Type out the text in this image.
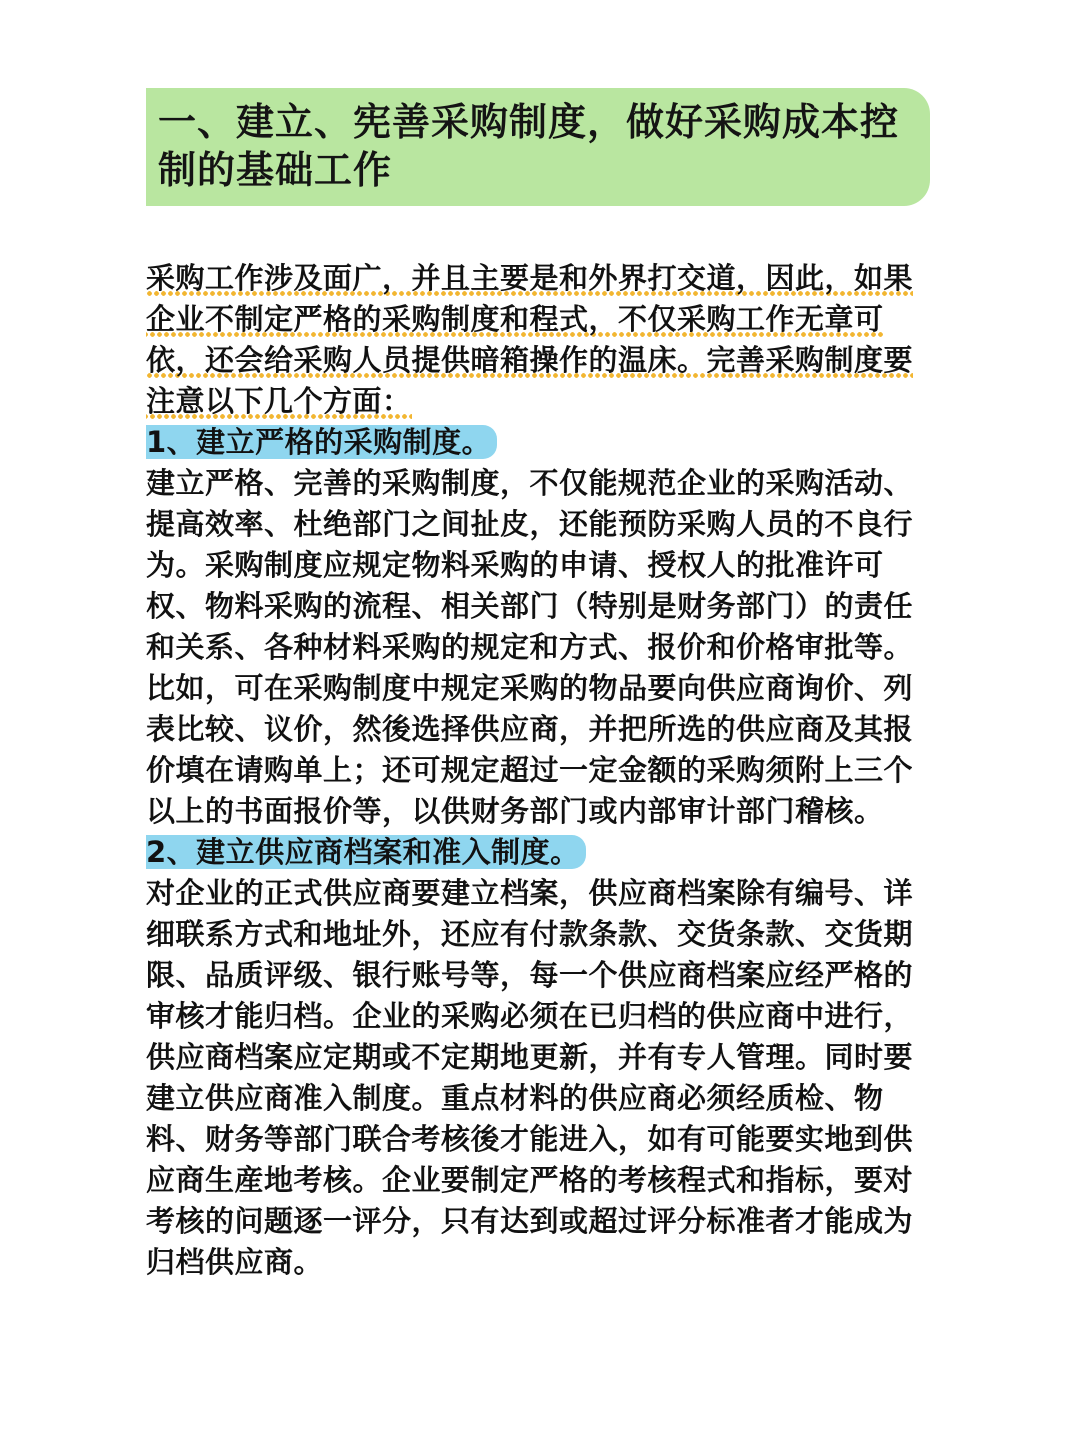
一、建立、宪善采购制度，做好采购成本控制的基础工作

采购工作涉及面广，并且主要是和外界打交道，因此，如果企业不制定严格的采购制度和程式，不仅采购工作无章可依，还会给采购人员提供暗箱操作的温床。完善采购制度要注意以下几个方面：

1、建立严格的采购制度。

建立严格、完善的采购制度，不仅能规范企业的采购活动、提高效率、杜绝部门之间扯皮，还能预防采购人员的不良行为。采购制度应规定物料采购的申请、授权人的批准许可权、物料采购的流程、相关部门（特别是财务部门）的责任和关系、各种材料采购的规定和方式、报价和价格审批等。比如，可在采购制度中规定采购的物品要向供应商询价、列表比较、议价，然後选择供应商，并把所选的供应商及其报价填在请购单上；还可规定超过一定金额的采购须附上三个以上的书面报价等，以供财务部门或内部审计部门稽核。

2、建立供应商档案和准入制度。

对企业的正式供应商要建立档案，供应商档案除有编号、详细联系方式和地址外，还应有付款条款、交货条款、交货期限、品质评级、银行账号等，每一个供应商档案应经严格的审核才能归档。企业的采购必须在已归档的供应商中进行，供应商档案应定期或不定期地更新，并有专人管理。同时要建立供应商准入制度。重点材料的供应商必须经质检、物料、财务等部门联合考核後才能进入，如有可能要实地到供应商生産地考核。企业要制定严格的考核程式和指标，要对考核的问题逐一评分，只有达到或超过评分标准者才能成为归档供应商。
